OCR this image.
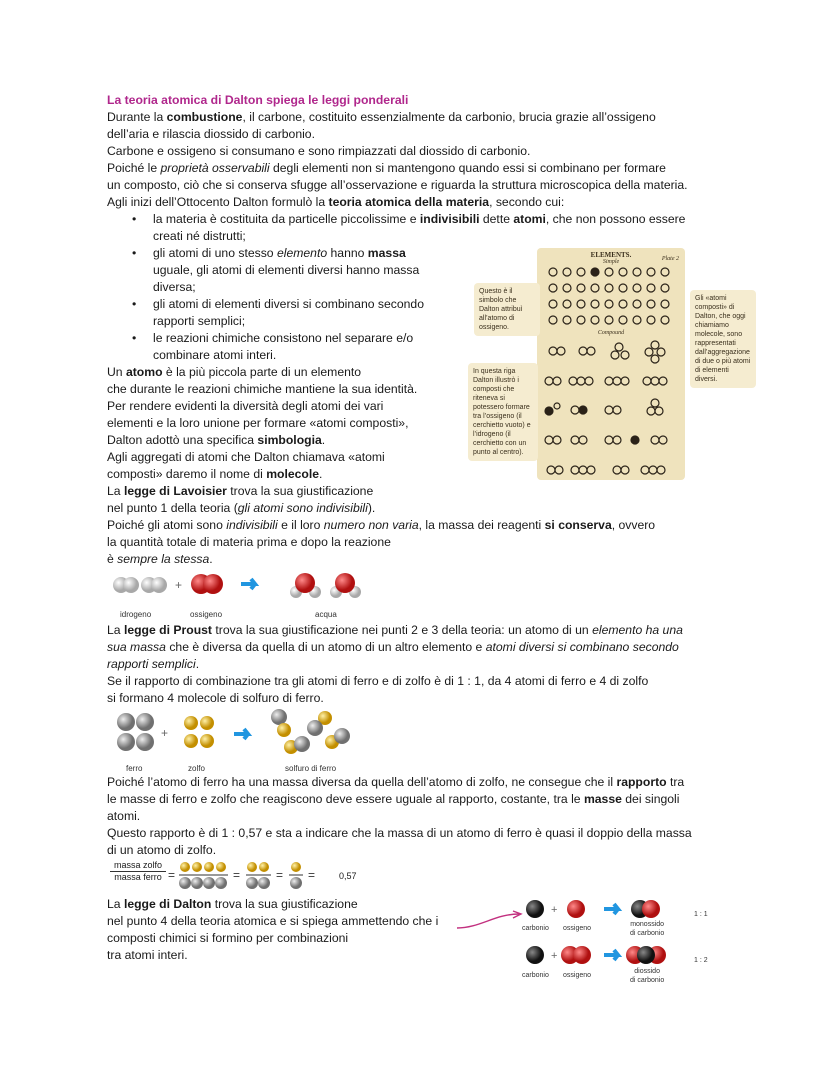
La teoria atomica di Dalton spiega le leggi ponderali
Durante la combustione, il carbone, costituito essenzialmente da carbonio, brucia grazie all’ossigeno
dell’aria e rilascia diossido di carbonio.
Carbone e ossigeno si consumano e sono rimpiazzati dal diossido di carbonio.
Poiché le proprietà osservabili degli elementi non si mantengono quando essi si combinano per formare
un composto, ciò che si conserva sfugge all’osservazione e riguarda la struttura microscopica della materia.
Agli inizi dell’Ottocento Dalton formulò la teoria atomica della materia, secondo cui:
• la materia è costituita da particelle piccolissime e indivisibili dette atomi, che non possono essere
creati né distrutti;
• gli atomi di uno stesso elemento hanno massa
uguale, gli atomi di elementi diversi hanno massa
diversa;
• gli atomi di elementi diversi si combinano secondo
rapporti semplici;
• le reazioni chimiche consistono nel separare e/o
combinare atomi interi.
Un atomo è la più piccola parte di un elemento
che durante le reazioni chimiche mantiene la sua identità.
Per rendere evidenti la diversità degli atomi dei vari
elementi e la loro unione per formare «atomi composti»,
Dalton adottò una specifica simbologia.
Agli aggregati di atomi che Dalton chiamava «atomi
composti» daremo il nome di molecole.
La legge di Lavoisier trova la sua giustificazione
nel punto 1 della teoria (gli atomi sono indivisibili).
Poiché gli atomi sono indivisibili e il loro numero non varia, la massa dei reagenti si conserva, ovvero
la quantità totale di materia prima e dopo la reazione
è sempre la stessa.
ELEMENTS.
Simple	Plate 2
Compound
Questo è il simbolo che Dalton attribuì all’atomo di ossigeno.
In questa riga Dalton illustrò i composti che riteneva si potessero formare tra l’ossigeno (il cerchietto vuoto) e l’idrogeno (il cerchietto con un punto al centro).
Gli «atomi composti» di Dalton, che oggi chiamiamo molecole, sono rappresentati dall’aggregazione di due o più atomi di elementi diversi.
+
idrogeno	ossigeno	acqua
La legge di Proust trova la sua giustificazione nei punti 2 e 3 della teoria: un atomo di un elemento ha una
sua massa che è diversa da quella di un atomo di un altro elemento e atomi diversi si combinano secondo
rapporti semplici.
Se il rapporto di combinazione tra gli atomi di ferro e di zolfo è di 1 : 1, da 4 atomi di ferro e 4 di zolfo
si formano 4 molecole di solfuro di ferro.
+
ferro	zolfo	solfuro di ferro
Poiché l’atomo di ferro ha una massa diversa da quella dell’atomo di zolfo, ne consegue che il rapporto tra
le masse di ferro e zolfo che reagiscono deve essere uguale al rapporto, costante, tra le masse dei singoli
atomi.
Questo rapporto è di 1 : 0,57 e sta a indicare che la massa di un atomo di ferro è quasi il doppio della massa
di un atomo di zolfo.
massa zolfo
massa ferro =	=	= =	0,57
La legge di Dalton trova la sua giustificazione
nel punto 4 della teoria atomica e si spiega ammettendo che i
composti chimici si formino per combinazioni
tra atomi interi.
+
+
carbonio ossigeno
monossido
di carbonio
1 : 1
carbonio ossigeno
diossido
di carbonio
1 : 2
